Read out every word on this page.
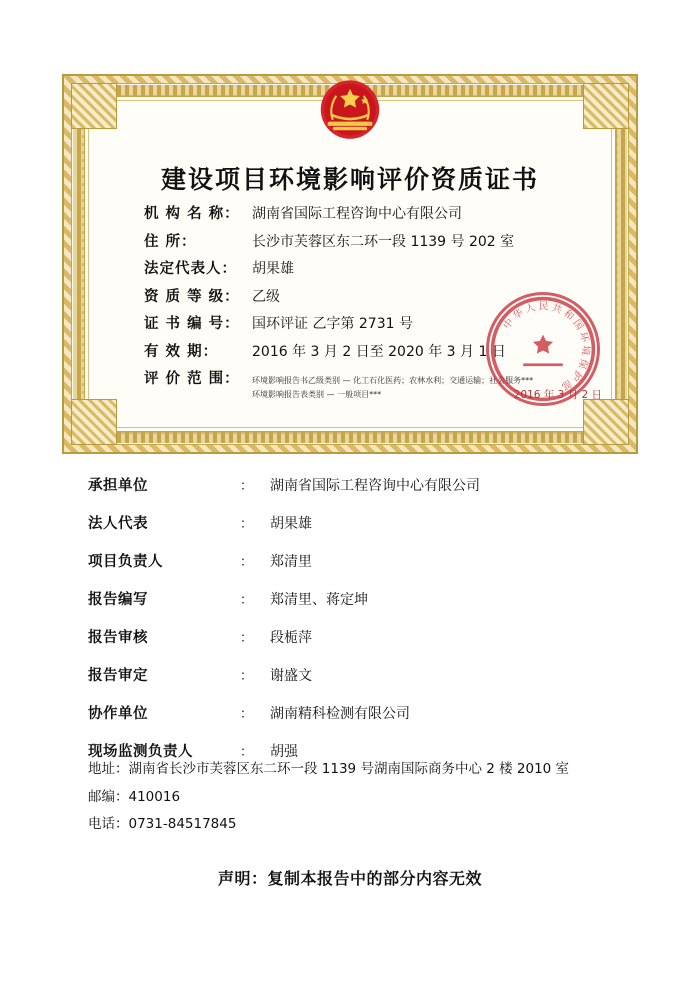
建设项目环境影响评价资质证书
机 构 名 称： 湖南省国际工程咨询中心有限公司
住 所：	长沙市芙蓉区东二环一段 1139 号 202 室
法定代表人：	胡果雄
资 质 等 级： 乙级
证 书 编 号： 国环评证 乙字第 2731 号
有 效 期：	2016 年 3 月 2 日至 2020 年 3 月 1 日
评 价 范 围：	环境影响报告书乙级类别 — 化工石化医药；农林水利；交通运输；社会服务***
环境影响报告表类别 — 一般项目***
中华人民共和国环境保护部
2016 年 3 月 2 日
承担单位	：	湖南省国际工程咨询中心有限公司
法人代表	：	胡果雄
项目负责人	：	郑清里
报告编写	：	郑清里、蒋定坤
报告审核	：	段栀萍
报告审定	：	谢盛文
协作单位	：	湖南精科检测有限公司
现场监测负责人	：	胡强
地址：湖南省长沙市芙蓉区东二环一段 1139 号湖南国际商务中心 2 楼 2010 室
邮编：410016
电话：0731-84517845
声明：复制本报告中的部分内容无效
